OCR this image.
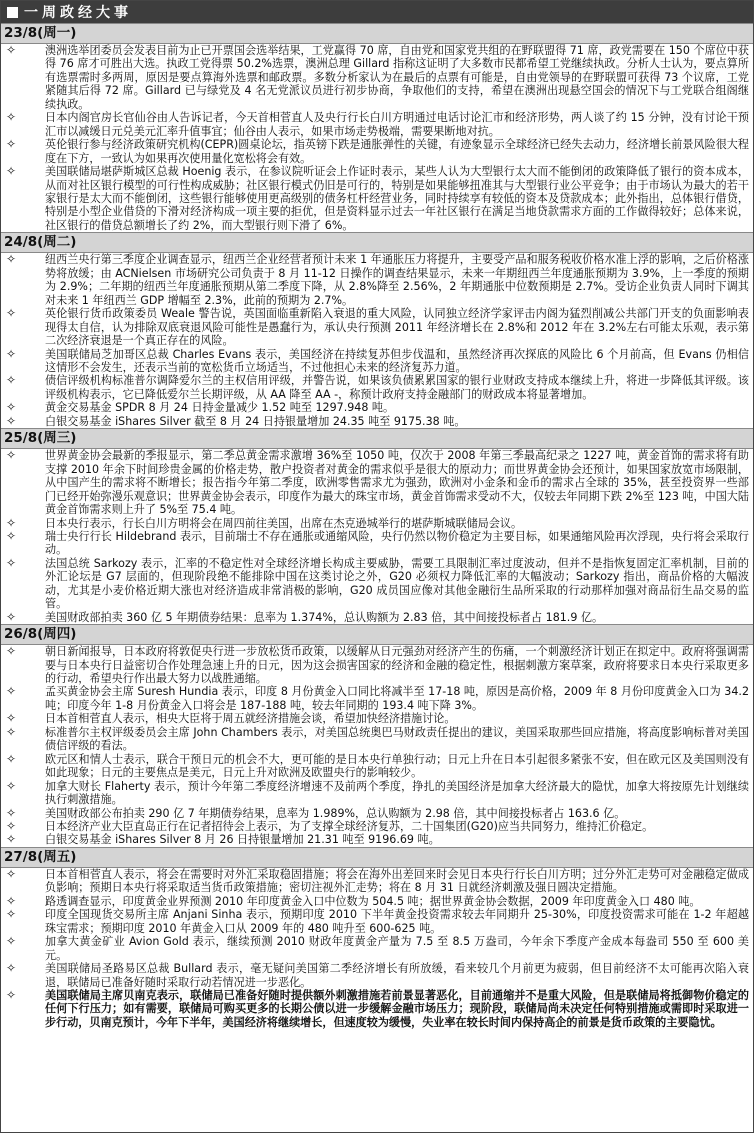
一周政经大事
23/8(周一)
✧	澳洲选举团委员会发表目前为止已开票国会选举结果，工党赢得 70 席，自由党和国家党共组的在野联盟得 71 席，政党需要在 150 个席位中获得 76 席才可胜出大选。执政工党得票 50.2%选票，澳洲总理 Gillard 指称这证明了大多数市民都希望工党继续执政。分析人士认为，要点算所有选票需时多两周，原因是要点算海外选票和邮政票。多数分析家认为在最后的点票有可能是，自由党领导的在野联盟可获得 73 个议席，工党紧随其后得 72 席。Gillard 已与绿党及 4 名无党派议员进行初步协商，争取他们的支持，希望在澳洲出现悬空国会的情况下与工党联合组阁继续执政。
✧	日本内阁官房长官仙谷由人告诉记者，今天首相菅直人及央行行长白川方明通过电话讨论汇市和经济形势，两人谈了约 15 分钟，没有讨论干预汇市以减缓日元兑美元汇率升值事宜；仙谷由人表示，如果市场走势极端，需要果断地对抗。
✧	英伦银行参与经济政策研究机构(CEPR)圆桌论坛，指英镑下跌是通胀弹性的关键，有迹象显示全球经济已经失去动力，经济增长前景风险很大程度在下方，一致认为如果再次使用量化宽松将会有效。
✧	美国联储局堪萨斯城区总裁 Hoenig 表示，在参议院听证会上作证时表示，某些人认为大型银行太大而不能倒闭的政策降低了银行的资本成本，从而对社区银行模型的可行性构成威胁；社区银行模式仍旧是可行的，特别是如果能够扭准其与大型银行业公平竞争；由于市场认为最大的若干家银行是太大而不能倒闭，这些银行能够使用更高级别的债务杠杆经营业务，同时持续享有较低的资本及贷款成本；此外指出，总体银行借贷，特别是小型企业借贷的下滑对经济构成一项主要的拒优，但是资料显示过去一年社区银行在满足当地贷款需求方面的工作做得较好；总体来说，社区银行的借贷总额增长了约 2%，而大型银行则下滑了 6%。
24/8(周二)
✧	纽西兰央行第三季度企业调查显示，纽西兰企业经营者预计未来 1 年通胀压力将提升，主要受产品和服务税收价格水准上浮的影响，之后价格涨势将放缓；由 ACNielsen 市场研究公司负责于 8 月 11-12 日操作的调查结果显示，未来一年期纽西兰年度通胀预期为 3.9%，上一季度的预期为 2.9%；二年期的纽西兰年度通胀预期从第二季度下降，从 2.8%降至 2.56%，2 年期通胀中位数预期是 2.7%。受访企业负责人同时下调其对未来 1 年纽西兰 GDP 增幅至 2.3%，此前的预期为 2.7%。
✧	英伦银行货币政策委员 Weale 警告说，英国面临重新陷入衰退的重大风险，认同独立经济学家评击内阁为猛烈削减公共部门开支的负面影响表现得太自信，认为排除双底衰退风险可能性是愚蠢行为，承认央行预测 2011 年经济增长在 2.8%和 2012 年在 3.2%左右可能太乐观，表示第二次经济衰退是一个真正存在的风险。
✧	美国联储局芝加哥区总裁 Charles Evans 表示，美国经济在持续复苏但步伐温和，虽然经济再次探底的风险比 6 个月前高，但 Evans 仍相信这情形不会发生，还表示当前的宽松货币立场适当，不过他担心未来的经济复苏力道。
✧	债信评级机构标准普尔调降爱尔兰的主权信用评级，并警告说，如果该负债累累国家的银行业财政支持成本继续上升，将进一步降低其评级。该评级机构表示，它已降低爱尔兰长期评级，从 AA 降至 AA -，称预计政府支持金融部门的财政成本将显著增加。
✧	黄金交易基金 SPDR 8 月 24 日持金量减少 1.52 吨至 1297.948 吨。
✧	白银交易基金 iShares Silver 截至 8 月 24 日持银量增加 24.35 吨至 9175.38 吨。
25/8(周三)
✧	世界黄金协会最新的季报显示，第二季总黄金需求激增 36%至 1050 吨，仅次于 2008 年第三季最高纪录之 1227 吨，黄金首饰的需求将有助支撑 2010 年余下时间珍贵金属的价格走势，散户投资者对黄金的需求似乎是很大的原动力；而世界黄金协会还预计，如果国家放宽市场限制，从中国产生的需求将不断增长；报告指今年第二季度，欧洲零售需求尤为强劲，欧洲对小金条和金币的需求占全球的 35%，甚至投资界一些部门已经开始弥漫乐观意识；世界黄金协会表示，印度作为最大的珠宝市场，黄金首饰需求受动不大，仅较去年同期下跌 2%至 123 吨，中国大陆黄金首饰需求则上升了 5%至 75.4 吨。
✧	日本央行表示，行长白川方明将会在周四前往美国，出席在杰克逊城举行的堪萨斯城联储局会议。
✧	瑞士央行行长 Hildebrand 表示，目前瑞士不存在通胀或通缩风险，央行仍然以物价稳定为主要目标，如果通缩风险再次浮现，央行将会采取行动。
✧	法国总统 Sarkozy 表示，汇率的不稳定性对全球经济增长构成主要威胁，需要工具限制汇率过度波动，但并不是指恢复固定汇率机制，目前的外汇论坛是 G7 层面的，但现阶段绝不能排除中国在这类讨论之外，G20 必须权力降低汇率的大幅波动；Sarkozy 指出，商品价格的大幅波动，尤其是小麦价格近期大涨也对经济造成非常消极的影响，G20 成员国应像对其他金融衍生品所采取的行动那样加强对商品衍生品交易的监管。
✧	美国财政部拍卖 360 亿 5 年期债券结果：息率为 1.374%，总认购额为 2.83 倍，其中间接投标者占 181.9 亿。
26/8(周四)
✧	朝日新闻报导，日本政府将敦促央行进一步放松货币政策，以缓解从日元强劲对经济产生的伤痛，一个刺激经济计划正在拟定中。政府将强调需要与日本央行日益密切合作处理急速上升的日元，因为这会损害国家的经济和金融的稳定性，根据刺激方案草案，政府将要求日本央行采取更多的行动，希望央行作出最大努力以战胜通缩。
✧	孟买黄金协会主席 Suresh Hundia 表示，印度 8 月份黄金入口同比将减半至 17-18 吨，原因是高价格，2009 年 8 月份印度黄金入口为 34.2 吨；印度今年 1-8 月份黄金入口将会是 187-188 吨，较去年同期的 193.4 吨下降 3%。
✧	日本首相菅直人表示，相央大臣将于周五就经济措施会谈，希望加快经济措施讨论。
✧	标准普尔主权评级委员会主席 John Chambers 表示，对美国总统奥巴马财政责任提出的建议，美国采取那些回应措施，将高度影响标普对美国债信评级的看法。
✧	欧元区和情人士表示，联合干预日元的机会不大，更可能的是日本央行单独行动；日元上升在日本引起很多紧张不安，但在欧元区及美国则没有如此现象；日元的主要焦点是美元，日元上升对欧洲及欧盟央行的影响较少。
✧	加拿大财长 Flaherty 表示，预计今年第二季度经济增速不及前两个季度，挣扎的美国经济是加拿大经济最大的隐忧，加拿大将按原先计划继续执行刺激措施。
✧	美国财政部公布拍卖 290 亿 7 年期债券结果，息率为 1.989%，总认购额为 2.98 倍，其中间接投标者占 163.6 亿。
✧	日本经济产业大臣直岛正行在记者招待会上表示，为了支撑全球经济复苏，二十国集团(G20)应当共同努力，维持汇价稳定。
✧	白银交易基金 iShares Silver 8 月 26 日持银量增加 21.31 吨至 9196.69 吨。
27/8(周五)
✧	日本首相菅直人表示，将会在需要时对外汇采取稳固措施；将会在海外出差回来时会见日本央行行长白川方明；过分外汇走势可对金融稳定做成负影响；预期日本央行将采取适当货币政策措施；密切注视外汇走势；将在 8 月 31 日就经济刺激及强日圆决定措施。
✧	路透调查显示，印度黄金业界预测 2010 年印度黄金入口中位数为 504.5 吨；据世界黄金协会数据，2009 年印度黄金入口 480 吨。
✧	印度全国现货交易所主席 Anjani Sinha 表示，预期印度 2010 下半年黄金投资需求较去年同期升 25-30%，印度投资需求可能在 1-2 年超越珠宝需求；预期印度 2010 年黄金入口从 2009 年的 480 吨升至 600-625 吨。
✧	加拿大黄金矿业 Avion Gold 表示，继续预测 2010 财政年度黄金产量为 7.5 至 8.5 万盎司，今年余下季度产金成本每盎司 550 至 600 美元。
✧	美国联储局圣路易区总裁 Bullard 表示，毫无疑问美国第二季经济增长有所放缓，看来较几个月前更为疲弱，但目前经济不太可能再次陷入衰退，联储局已准备好随时采取行动若情况进一步恶化。
✧	美国联储局主席贝南克表示，联储局已准备好随时提供额外刺激措施若前景显著恶化，目前通缩并不是重大风险，但是联储局将抵御物价稳定的任何下行压力；如有需要，联储局可购买更多的长期公债以进一步缓解金融市场压力；现阶段，联储局尚未决定任何特别措施或需即时采取进一步行动，贝南克预计，今年下半年，美国经济将继续增长，但速度较为缓慢，失业率在较长时间内保持高企的前景是货币政策的主要隐忧。
